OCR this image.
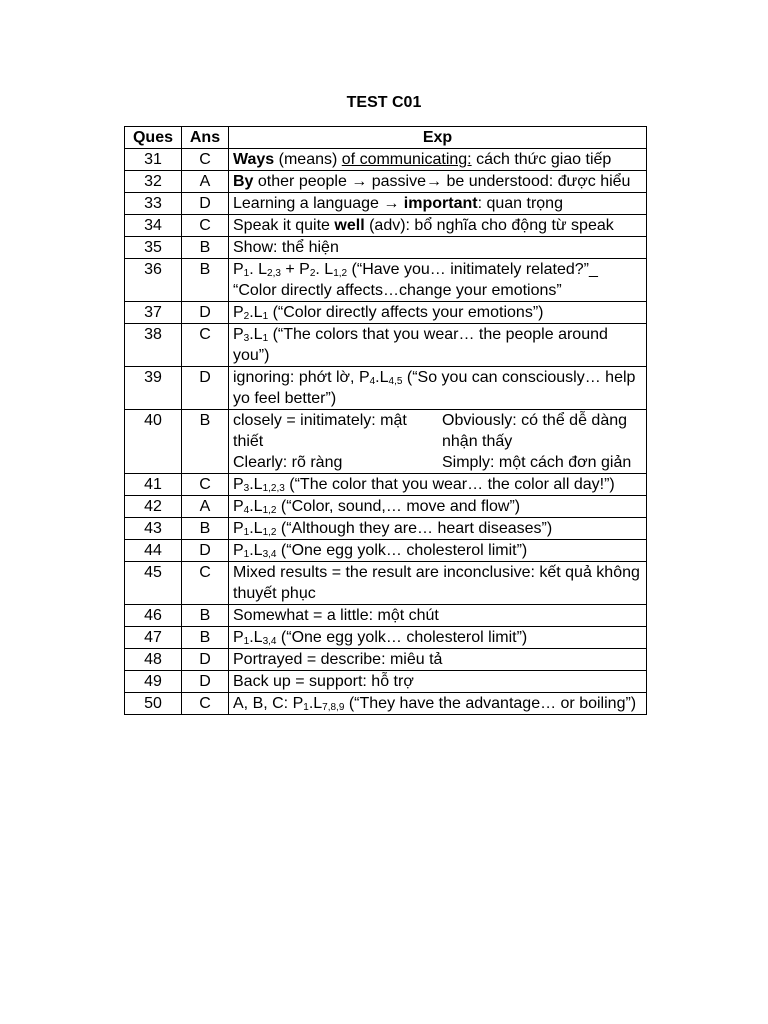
TEST C01
Ques	Ans	Exp
31	C	Ways (means) of communicating: cách thức giao tiếp
32	A	By other people → passive→ be understood: được hiểu
33	D	Learning a language → important: quan trọng
34	C	Speak it quite well (adv): bổ nghĩa cho động từ speak
35	B	Show: thể hiện
36	B	$P_1$. $L_{2,3} + P_2$. $L_{1,2}$ (“Have you… initimately related?”_ “Color directly affects…change your emotions”
37	D	$P_2.L_1$ (“Color directly affects your emotions”)
38	C	$P_3.L_1$ (“The colors that you wear… the people around you”)
39	D	ignoring: phớt lờ, $P_4.L_{4,5}$ (“So you can consciously… help yo feel better”)
40	B	closely = initimately: mật thiết
Clearly: rõ ràng
Obviously: có thể dễ dàng nhận thấy
Simply: một cách đơn giản

41	C	$P_3.L_{1,2,3}$ (“The color that you wear… the color all day!”)
42	A	$P_4.L_{1,2}$ (“Color, sound,… move and flow”)
43	B	$P_1.L_{1,2}$ (“Although they are… heart diseases”)
44	D	$P_1.L_{3,4}$ (“One egg yolk… cholesterol limit”)
45	C	Mixed results = the result are inconclusive: kết quả không thuyết phục
46	B	Somewhat = a little: một chút
47	B	$P_1.L_{3,4}$ (“One egg yolk… cholesterol limit”)
48	D	Portrayed = describe: miêu tả
49	D	Back up = support: hỗ trợ
50	C	A, B, C: $P_1.L_{7,8,9}$ (“They have the advantage… or boiling”)
